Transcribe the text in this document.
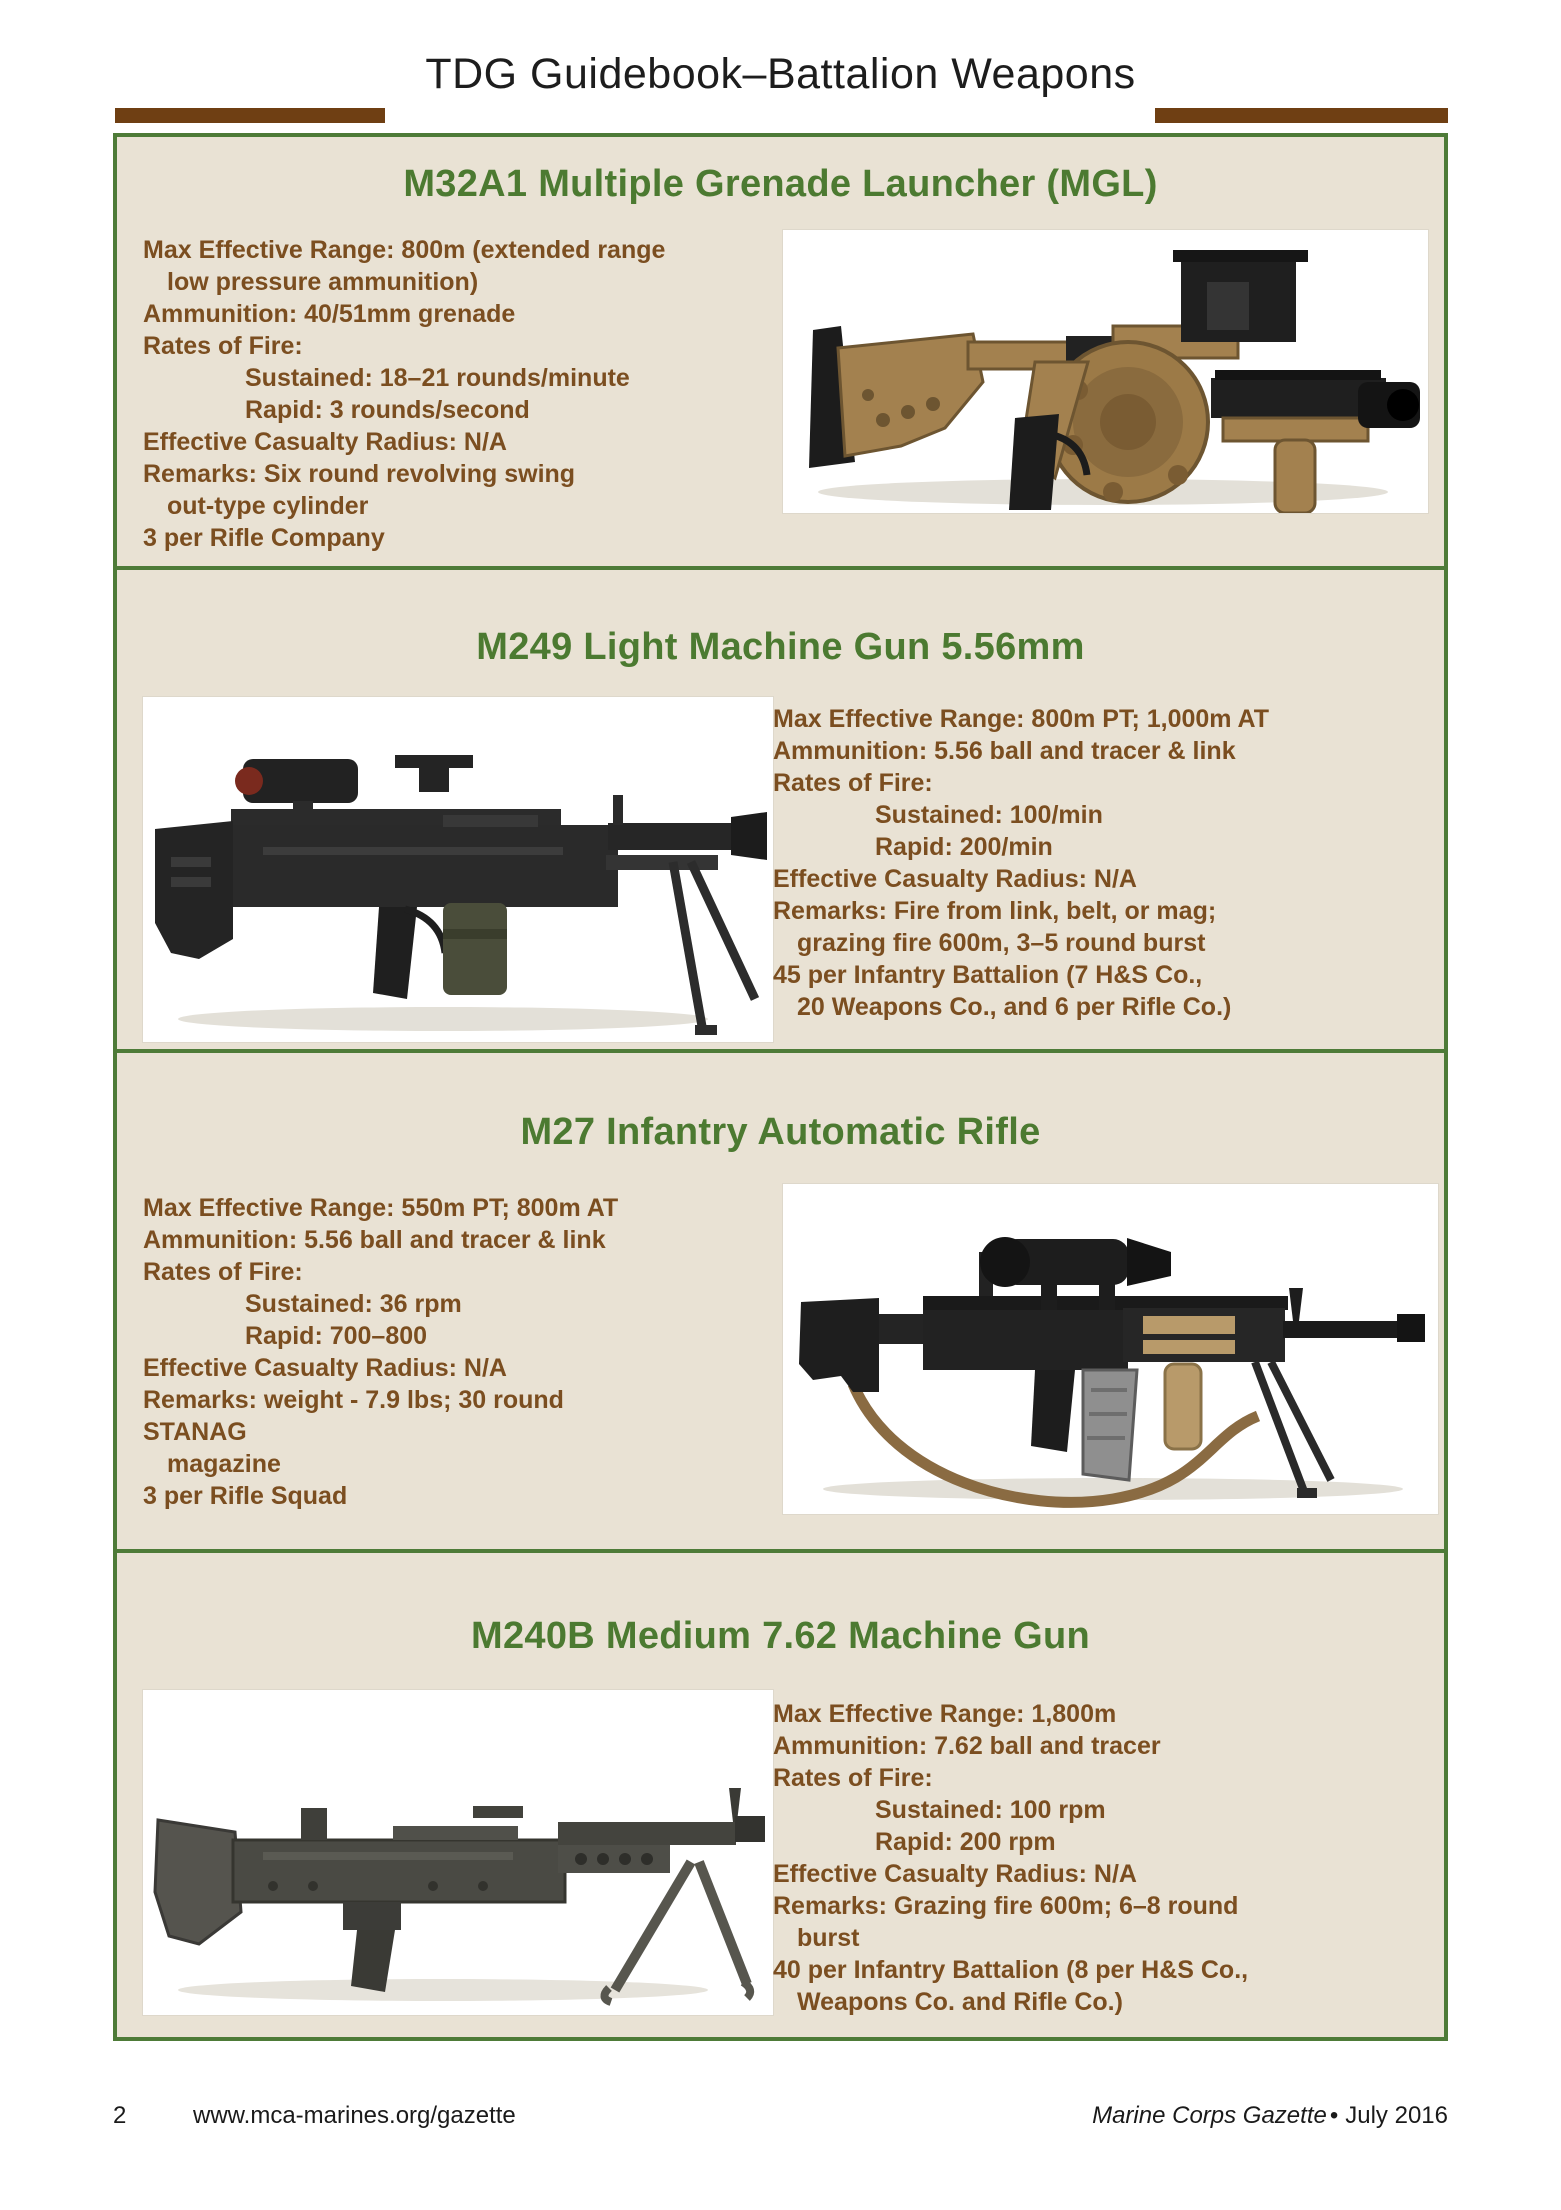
TDG Guidebook–Battalion Weapons
M32A1 Multiple Grenade Launcher (MGL)
Max Effective Range: 800m (extended range
low pressure ammunition)
Ammunition: 40/51mm grenade
Rates of Fire:
Sustained: 18–21 rounds/minute
Rapid: 3 rounds/second
Effective Casualty Radius: N/A
Remarks: Six round revolving swing
out-type cylinder
3 per Rifle Company
M249 Light Machine Gun 5.56mm
Max Effective Range: 800m PT; 1,000m AT
Ammunition: 5.56 ball and tracer & link
Rates of Fire:
Sustained: 100/min
Rapid: 200/min
Effective Casualty Radius: N/A
Remarks: Fire from link, belt, or mag;
grazing fire 600m, 3–5 round burst
45 per Infantry Battalion (7 H&S Co.,
20 Weapons Co., and 6 per Rifle Co.)
M27 Infantry Automatic Rifle
Max Effective Range: 550m PT; 800m AT
Ammunition: 5.56 ball and tracer & link
Rates of Fire:
Sustained: 36 rpm
Rapid: 700–800
Effective Casualty Radius: N/A
Remarks: weight - 7.9 lbs; 30 round
STANAG
magazine
3 per Rifle Squad
M240B Medium 7.62 Machine Gun
Max Effective Range: 1,800m
Ammunition: 7.62 ball and tracer
Rates of Fire:
Sustained: 100 rpm
Rapid: 200 rpm
Effective Casualty Radius: N/A
Remarks: Grazing fire 600m; 6–8 round
burst
40 per Infantry Battalion (8 per H&S Co.,
Weapons Co. and Rifle Co.)
2	www.mca-marines.org/gazette	Marine Corps Gazette • July 2016
